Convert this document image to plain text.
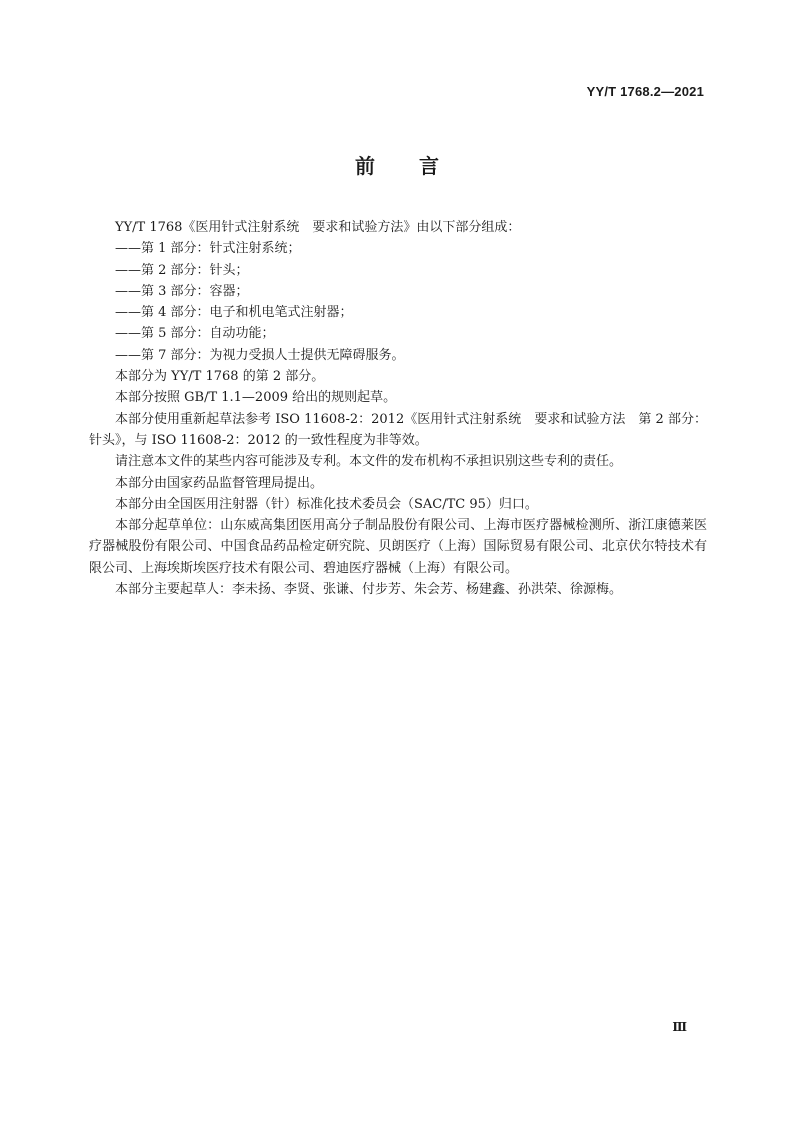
YY/T 1768.2—2021
前言

YY/T 1768《医用针式注射系统　要求和试验方法》由以下部分组成：

——第 1 部分：针式注射系统；

——第 2 部分：针头；

——第 3 部分：容器；

——第 4 部分：电子和机电笔式注射器；

——第 5 部分：自动功能；

——第 7 部分：为视力受损人士提供无障碍服务。

本部分为 YY/T 1768 的第 2 部分。

本部分按照 GB/T 1.1—2009 给出的规则起草。

本部分使用重新起草法参考 ISO 11608-2：2012《医用针式注射系统　要求和试验方法　第 2 部分：针头》，与 ISO 11608-2：2012 的一致性程度为非等效。

请注意本文件的某些内容可能涉及专利。本文件的发布机构不承担识别这些专利的责任。

本部分由国家药品监督管理局提出。

本部分由全国医用注射器（针）标准化技术委员会（SAC/TC 95）归口。

本部分起草单位：山东威高集团医用高分子制品股份有限公司、上海市医疗器械检测所、浙江康德莱医疗器械股份有限公司、中国食品药品检定研究院、贝朗医疗（上海）国际贸易有限公司、北京伏尔特技术有限公司、上海埃斯埃医疗技术有限公司、碧迪医疗器械（上海）有限公司。

本部分主要起草人：李未扬、李贤、张谦、付步芳、朱会芳、杨建鑫、孙洪荣、徐源梅。

Ⅲ
